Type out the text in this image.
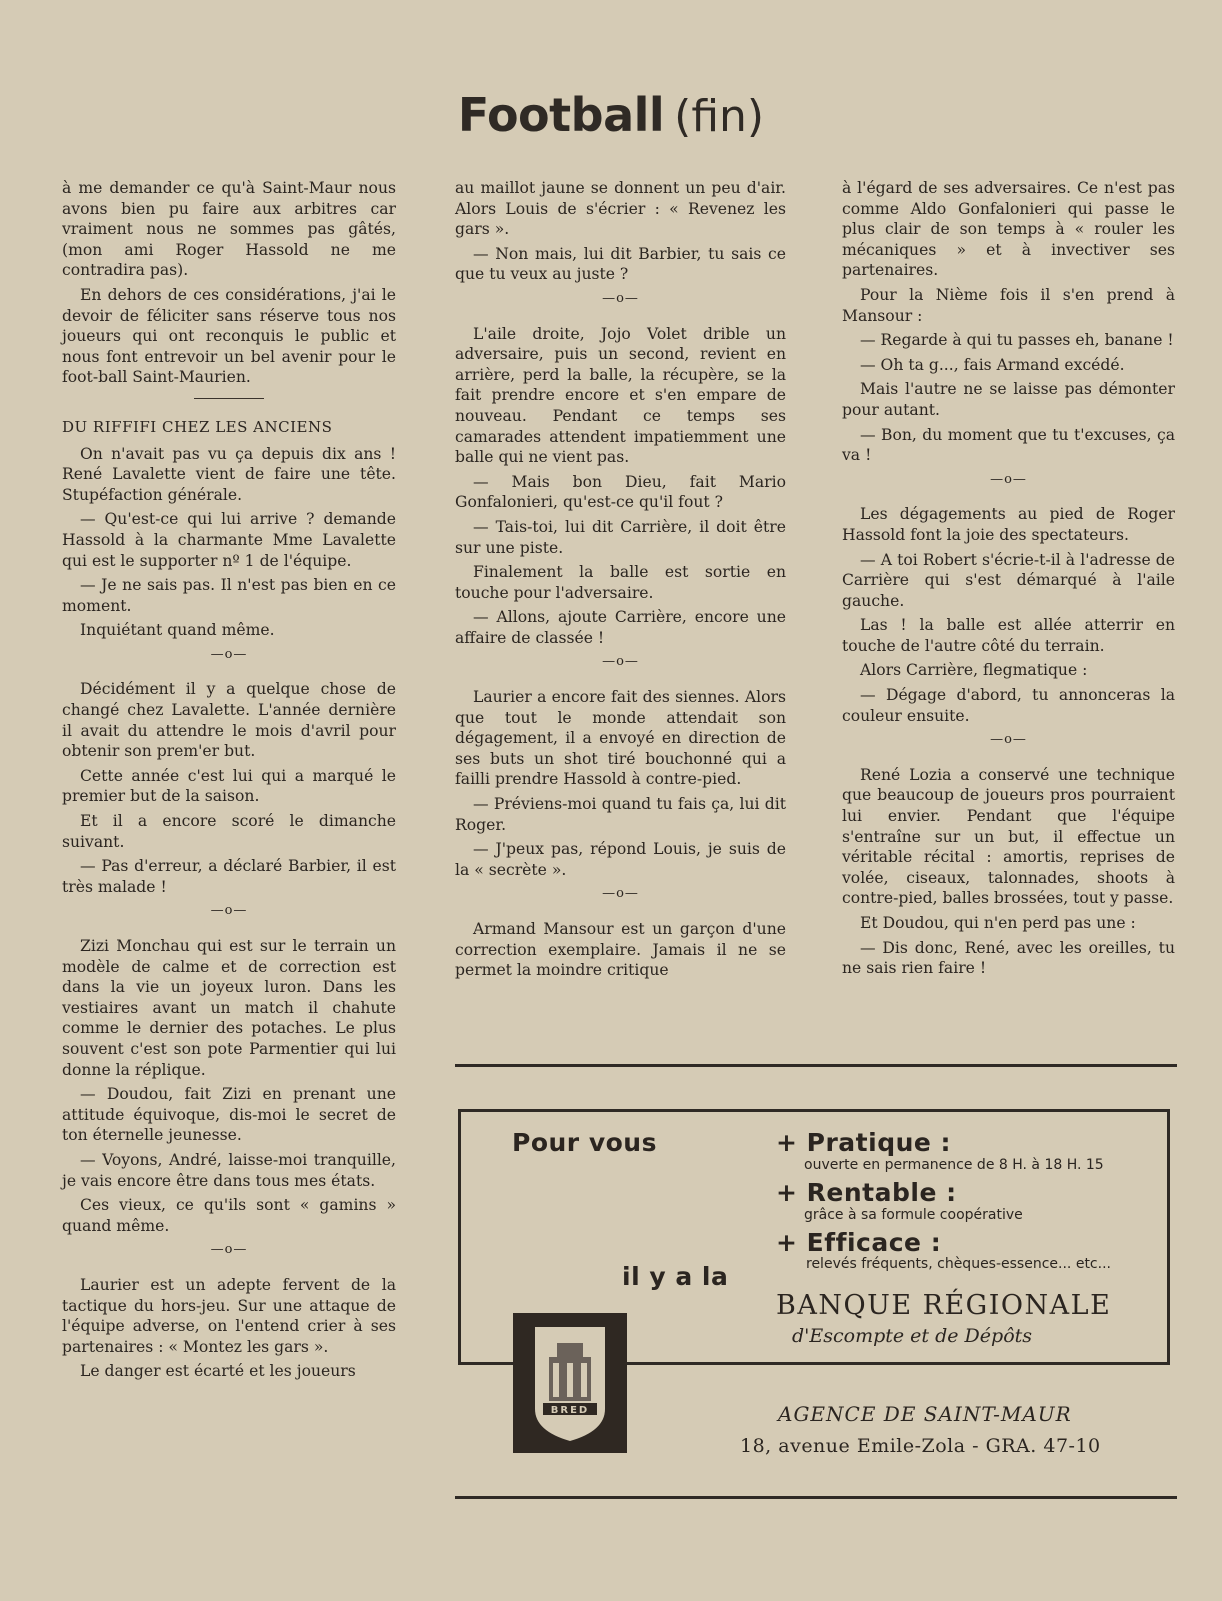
Football (fin)

à me demander ce qu'à Saint-Maur nous avons bien pu faire aux arbitres car vraiment nous ne sommes pas gâtés, (mon ami Roger Hassold ne me contradira pas).

En dehors de ces considérations, j'ai le devoir de féliciter sans réserve tous nos joueurs qui ont reconquis le public et nous font entrevoir un bel avenir pour le foot-ball Saint-Maurien.

DU RIFFIFI CHEZ LES ANCIENS

On n'avait pas vu ça depuis dix ans ! René Lavalette vient de faire une tête. Stupéfaction générale.

— Qu'est-ce qui lui arrive ? demande Hassold à la charmante Mme Lavalette qui est le supporter nº 1 de l'équipe.

— Je ne sais pas. Il n'est pas bien en ce moment.

Inquiétant quand même.

—o—

Décidément il y a quelque chose de changé chez Lavalette. L'année dernière il avait du attendre le mois d'avril pour obtenir son prem'er but.

Cette année c'est lui qui a marqué le premier but de la saison.

Et il a encore scoré le dimanche suivant.

— Pas d'erreur, a déclaré Barbier, il est très malade !

—o—

Zizi Monchau qui est sur le terrain un modèle de calme et de correction est dans la vie un joyeux luron. Dans les vestiaires avant un match il chahute comme le dernier des potaches. Le plus souvent c'est son pote Parmentier qui lui donne la réplique.

— Doudou, fait Zizi en prenant une attitude équivoque, dis-moi le secret de ton éternelle jeunesse.

— Voyons, André, laisse-moi tranquille, je vais encore être dans tous mes états.

Ces vieux, ce qu'ils sont « gamins » quand même.

—o—

Laurier est un adepte fervent de la tactique du hors-jeu. Sur une attaque de l'équipe adverse, on l'entend crier à ses partenaires : « Montez les gars ».

Le danger est écarté et les joueurs

au maillot jaune se donnent un peu d'air. Alors Louis de s'écrier : « Revenez les gars ».

— Non mais, lui dit Barbier, tu sais ce que tu veux au juste ?

—o—

L'aile droite, Jojo Volet drible un adversaire, puis un second, revient en arrière, perd la balle, la récupère, se la fait prendre encore et s'en empare de nouveau. Pendant ce temps ses camarades attendent impatiemment une balle qui ne vient pas.

— Mais bon Dieu, fait Mario Gonfalonieri, qu'est-ce qu'il fout ?

— Tais-toi, lui dit Carrière, il doit être sur une piste.

Finalement la balle est sortie en touche pour l'adversaire.

— Allons, ajoute Carrière, encore une affaire de classée !

—o—

Laurier a encore fait des siennes. Alors que tout le monde attendait son dégagement, il a envoyé en direction de ses buts un shot tiré bouchonné qui a failli prendre Hassold à contre-pied.

— Préviens-moi quand tu fais ça, lui dit Roger.

— J'peux pas, répond Louis, je suis de la « secrète ».

—o—

Armand Mansour est un garçon d'une correction exemplaire. Jamais il ne se permet la moindre critique

à l'égard de ses adversaires. Ce n'est pas comme Aldo Gonfalonieri qui passe le plus clair de son temps à « rouler les mécaniques » et à invectiver ses partenaires.

Pour la Nième fois il s'en prend à Mansour :

— Regarde à qui tu passes eh, banane !

— Oh ta g..., fais Armand excédé.

Mais l'autre ne se laisse pas démonter pour autant.

— Bon, du moment que tu t'excuses, ça va !

—o—

Les dégagements au pied de Roger Hassold font la joie des spectateurs.

— A toi Robert s'écrie-t-il à l'adresse de Carrière qui s'est démarqué à l'aile gauche.

Las ! la balle est allée atterrir en touche de l'autre côté du terrain.

Alors Carrière, flegmatique :

— Dégage d'abord, tu annonceras la couleur ensuite.

—o—

René Lozia a conservé une technique que beaucoup de joueurs pros pourraient lui envier. Pendant que l'équipe s'entraîne sur un but, il effectue un véritable récital : amortis, reprises de volée, ciseaux, talonnades, shoots à contre-pied, balles brossées, tout y passe.

Et Doudou, qui n'en perd pas une :

— Dis donc, René, avec les oreilles, tu ne sais rien faire !

Pour vous	+ Pratique :
ouverte en permanence de 8 H. à 18 H. 15
+ Rentable :
grâce à sa formule coopérative
+ Efficace :
relevés fréquents, chèques-essence... etc...
il y a la
BANQUE RÉGIONALE
d'Escompte et de Dépôts
BRED	AGENCE DE SAINT-MAUR
18, avenue Emile-Zola - GRA. 47-10
